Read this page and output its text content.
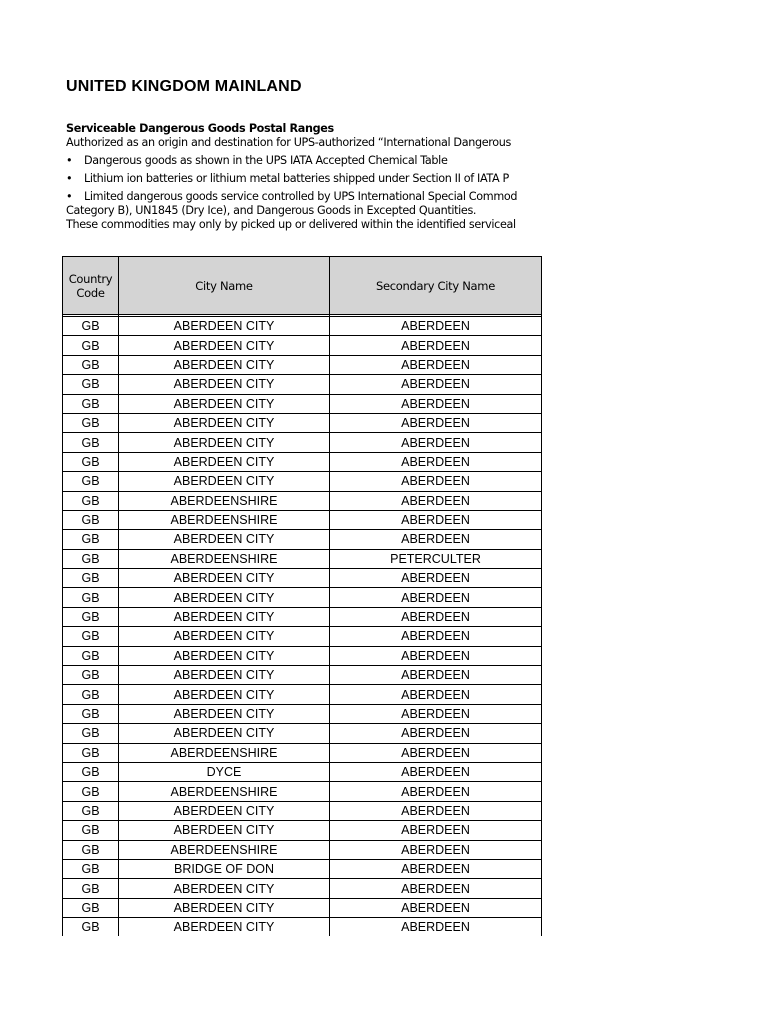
UNITED KINGDOM MAINLAND
Serviceable Dangerous Goods Postal Ranges
Authorized as an origin and destination for UPS-authorized “International Dangerous
• Dangerous goods as shown in the UPS IATA Accepted Chemical Table
• Lithium ion batteries or lithium metal batteries shipped under Section II of IATA P
• Limited dangerous goods service controlled by UPS International Special Commod
Category B), UN1845 (Dry Ice), and Dangerous Goods in Excepted Quantities.
These commodities may only by picked up or delivered within the identified serviceal
Country Code	City Name	Secondary City Name	

GB	ABERDEEN CITY	ABERDEEN	
GB	ABERDEEN CITY	ABERDEEN	
GB	ABERDEEN CITY	ABERDEEN	
GB	ABERDEEN CITY	ABERDEEN	
GB	ABERDEEN CITY	ABERDEEN	
GB	ABERDEEN CITY	ABERDEEN	
GB	ABERDEEN CITY	ABERDEEN	
GB	ABERDEEN CITY	ABERDEEN	
GB	ABERDEEN CITY	ABERDEEN	
GB	ABERDEENSHIRE	ABERDEEN	
GB	ABERDEENSHIRE	ABERDEEN	
GB	ABERDEEN CITY	ABERDEEN	
GB	ABERDEENSHIRE	PETERCULTER	
GB	ABERDEEN CITY	ABERDEEN	
GB	ABERDEEN CITY	ABERDEEN	
GB	ABERDEEN CITY	ABERDEEN	
GB	ABERDEEN CITY	ABERDEEN	
GB	ABERDEEN CITY	ABERDEEN	
GB	ABERDEEN CITY	ABERDEEN	
GB	ABERDEEN CITY	ABERDEEN	
GB	ABERDEEN CITY	ABERDEEN	
GB	ABERDEEN CITY	ABERDEEN	
GB	ABERDEENSHIRE	ABERDEEN	
GB	DYCE	ABERDEEN	
GB	ABERDEENSHIRE	ABERDEEN	
GB	ABERDEEN CITY	ABERDEEN	
GB	ABERDEEN CITY	ABERDEEN	
GB	ABERDEENSHIRE	ABERDEEN	
GB	BRIDGE OF DON	ABERDEEN	
GB	ABERDEEN CITY	ABERDEEN	
GB	ABERDEEN CITY	ABERDEEN	
GB	ABERDEEN CITY	ABERDEEN	
